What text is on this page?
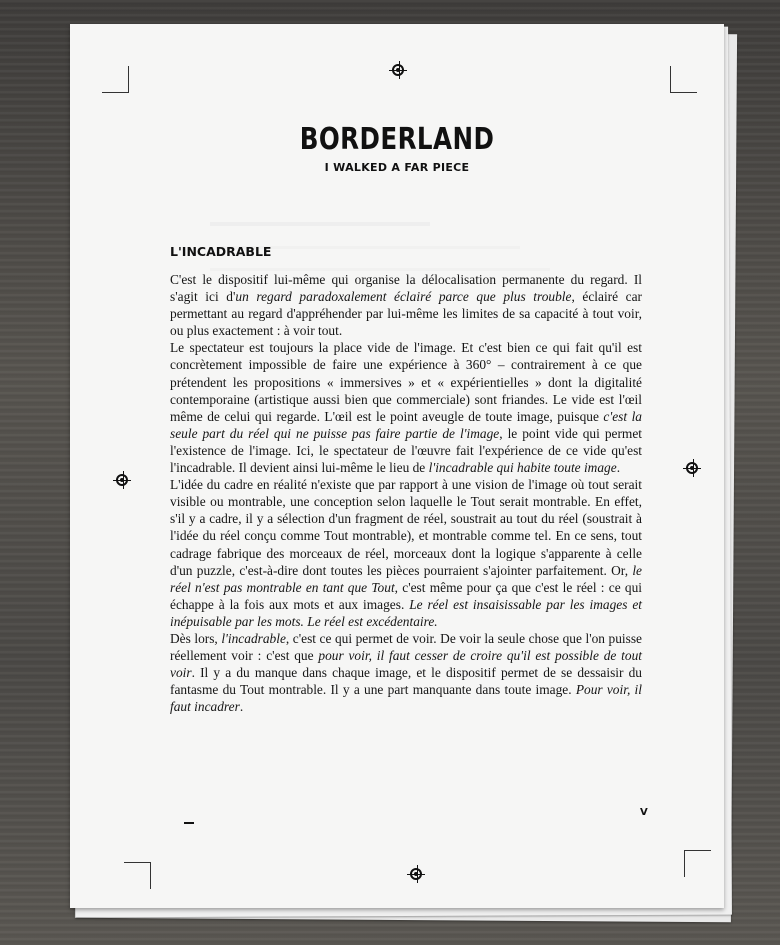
BORDERLAND
I WALKED A FAR PIECE
L'INCADRABLE

C'est le dispositif lui-même qui organise la délocalisation permanente du regard. Il s'agit ici d'un regard paradoxalement éclairé parce que plus trouble, éclairé car permettant au regard d'appréhender par lui-même les limites de sa capacité à tout voir, ou plus exactement : à voir tout.

Le spectateur est toujours la place vide de l'image. Et c'est bien ce qui fait qu'il est concrètement impossible de faire une expérience à 360° – contrairement à ce que prétendent les propositions « immersives » et « expérientielles » dont la digitalité contemporaine (artistique aussi bien que commerciale) sont friandes. Le vide est l'œil même de celui qui regarde. L'œil est le point aveugle de toute image, puisque c'est la seule part du réel qui ne puisse pas faire partie de l'image, le point vide qui permet l'existence de l'image. Ici, le spectateur de l'œuvre fait l'expérience de ce vide qu'est l'incadrable. Il devient ainsi lui-même le lieu de l'incadrable qui habite toute image.

L'idée du cadre en réalité n'existe que par rapport à une vision de l'image où tout serait visible ou montrable, une conception selon laquelle le Tout serait montrable. En effet, s'il y a cadre, il y a sélection d'un fragment de réel, soustrait au tout du réel (soustrait à l'idée du réel conçu comme Tout montrable), et montrable comme tel. En ce sens, tout cadrage fabrique des morceaux de réel, morceaux dont la logique s'apparente à celle d'un puzzle, c'est-à-dire dont toutes les pièces pourraient s'ajointer parfaitement. Or, le réel n'est pas montrable en tant que Tout, c'est même pour ça que c'est le réel : ce qui échappe à la fois aux mots et aux images. Le réel est insaisissable par les images et inépuisable par les mots. Le réel est excédentaire.

Dès lors, l'incadrable, c'est ce qui permet de voir. De voir la seule chose que l'on puisse réellement voir : c'est que pour voir, il faut cesser de croire qu'il est possible de tout voir. Il y a du manque dans chaque image, et le dispositif permet de se dessaisir du fantasme du Tout montrable. Il y a une part manquante dans toute image. Pour voir, il faut incadrer.

V
